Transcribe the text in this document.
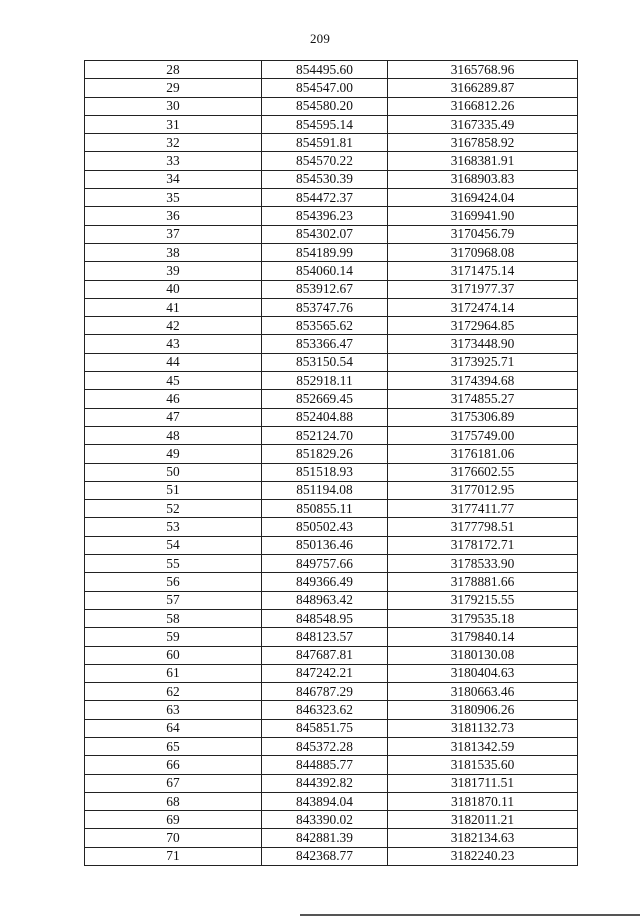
209
28	854495.60	3165768.96
29	854547.00	3166289.87
30	854580.20	3166812.26
31	854595.14	3167335.49
32	854591.81	3167858.92
33	854570.22	3168381.91
34	854530.39	3168903.83
35	854472.37	3169424.04
36	854396.23	3169941.90
37	854302.07	3170456.79
38	854189.99	3170968.08
39	854060.14	3171475.14
40	853912.67	3171977.37
41	853747.76	3172474.14
42	853565.62	3172964.85
43	853366.47	3173448.90
44	853150.54	3173925.71
45	852918.11	3174394.68
46	852669.45	3174855.27
47	852404.88	3175306.89
48	852124.70	3175749.00
49	851829.26	3176181.06
50	851518.93	3176602.55
51	851194.08	3177012.95
52	850855.11	3177411.77
53	850502.43	3177798.51
54	850136.46	3178172.71
55	849757.66	3178533.90
56	849366.49	3178881.66
57	848963.42	3179215.55
58	848548.95	3179535.18
59	848123.57	3179840.14
60	847687.81	3180130.08
61	847242.21	3180404.63
62	846787.29	3180663.46
63	846323.62	3180906.26
64	845851.75	3181132.73
65	845372.28	3181342.59
66	844885.77	3181535.60
67	844392.82	3181711.51
68	843894.04	3181870.11
69	843390.02	3182011.21
70	842881.39	3182134.63
71	842368.77	3182240.23
